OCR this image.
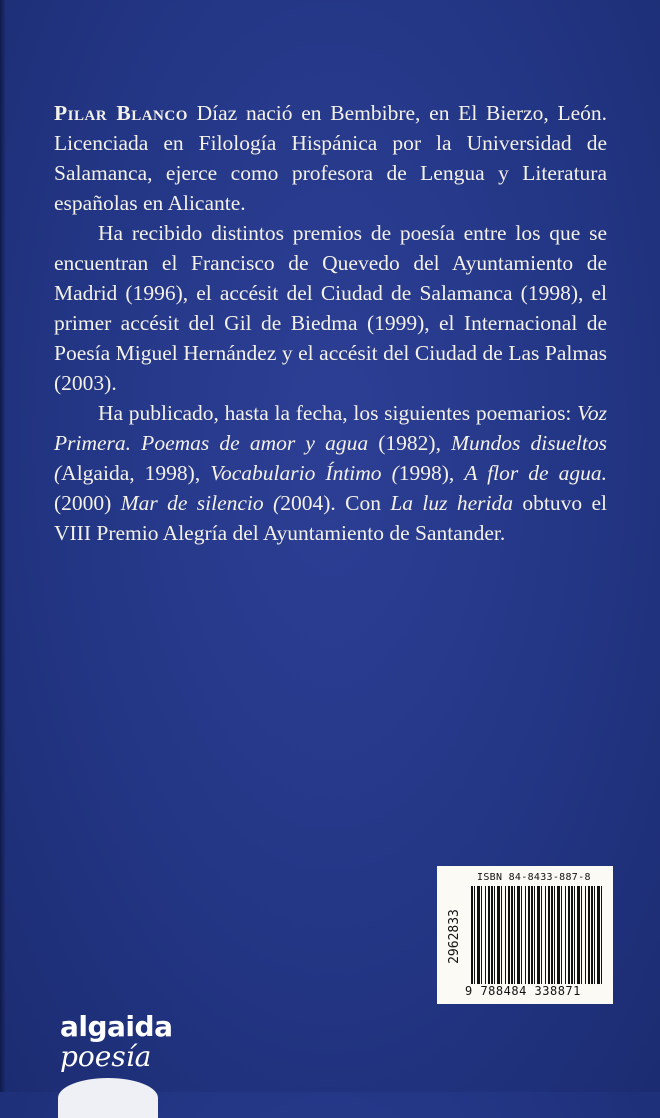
Pilar Blanco Díaz nació en Bembibre, en El Bierzo, León. Licenciada en Filología Hispánica por la Universidad de Salamanca, ejerce como profesora de Lengua y Literatura españolas en Alicante.

Ha recibido distintos premios de poesía entre los que se encuentran el Francisco de Quevedo del Ayuntamiento de Madrid (1996), el accésit del Ciudad de Salamanca (1998), el primer accésit del Gil de Biedma (1999), el Internacional de Poesía Miguel Hernández y el accésit del Ciudad de Las Palmas (2003).

Ha publicado, hasta la fecha, los siguientes poemarios: Voz Primera. Poemas de amor y agua (1982), Mundos disueltos (Algaida, 1998), Vocabulario Íntimo (1998), A flor de agua. (2000) Mar de silencio (2004). Con La luz herida obtuvo el VIII Premio Alegría del Ayuntamiento de Santander.

ISBN 84-8433-887-8
2962833
9 788484 338871
algaida
poesía
